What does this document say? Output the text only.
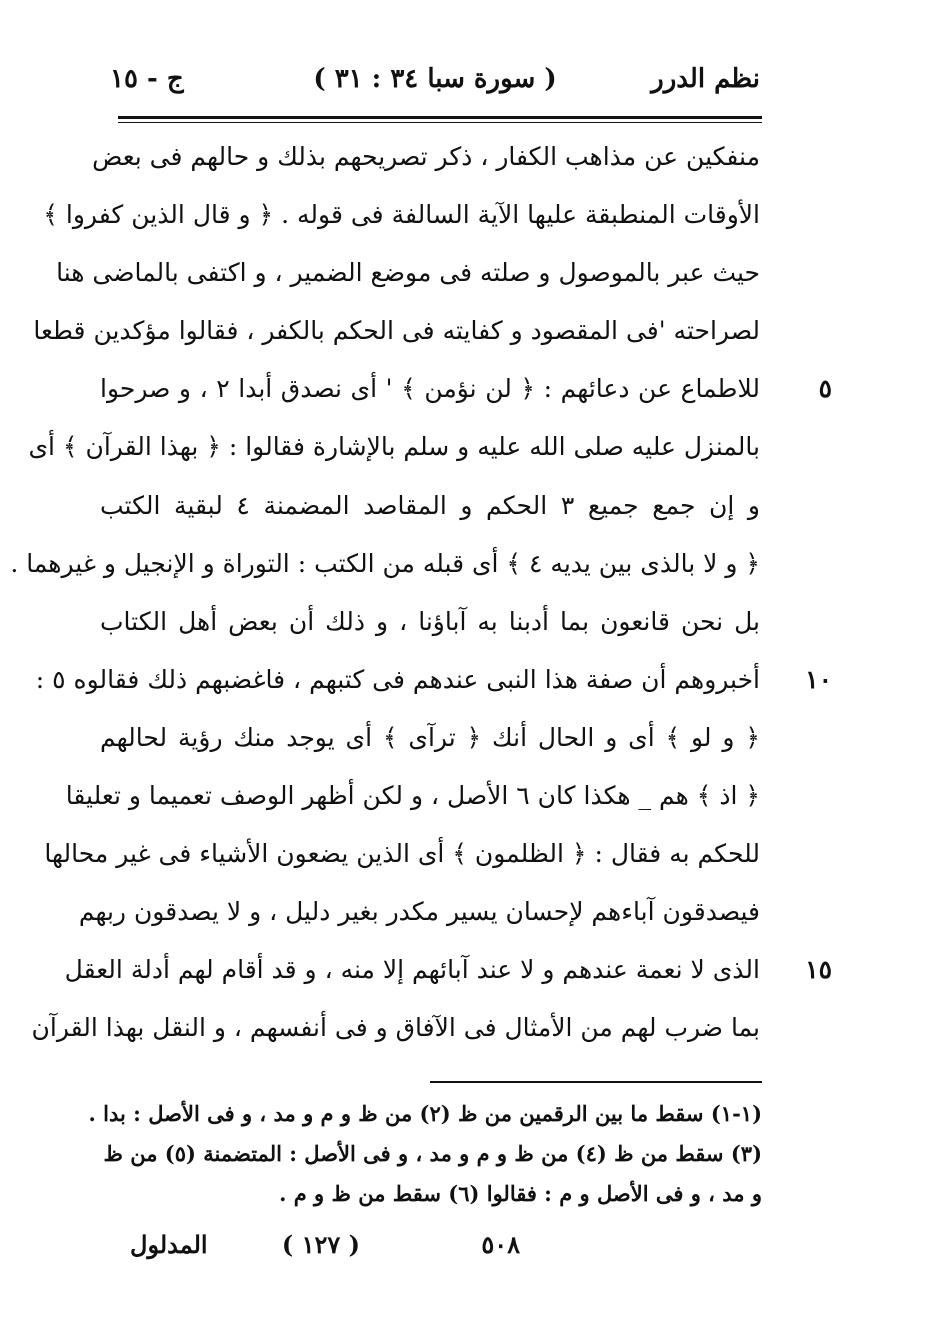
نظم الدرر
( سورة سبا ٣٤ : ٣١ )
ج - ١٥
منفكين عن مذاهب الكفار ، ذكر تصريحهم بذلك و حالهم فى بعض
الأوقات المنطبقة عليها الآية السالفة فى قوله . ﴿ و قال الذين كفروا ﴾
حيث عبر بالموصول و صلته فى موضع الضمير ، و اكتفى بالماضى هنا
لصراحته 'فى المقصود و كفايته فى الحكم بالكفر ، فقالوا مؤكدين قطعا
٥
للاطماع عن دعائهم : ﴿ لن نؤمن ﴾ ' أى نصدق أبدا ٢ ، و صرحوا
بالمنزل عليه صلى الله عليه و سلم بالإشارة فقالوا : ﴿ بهذا القرآن ﴾ أى
و إن جمع جميع ٣ الحكم و المقاصد المضمنة ٤ لبقية الكتب
﴿ و لا بالذى بين يديه ٤ ﴾ أى قبله من الكتب : التوراة و الإنجيل و غيرهما .
بل نحن قانعون بما أدبنا به آباؤنا ، و ذلك أن بعض أهل الكتاب
١٠
أخبروهم أن صفة هذا النبى عندهم فى كتبهم ، فاغضبهم ذلك فقالوه ٥ :
﴿ و لو ﴾ أى و الحال أنك ﴿ ترآى ﴾ أى يوجد منك رؤية لحالهم
﴿ اذ ﴾ هم _ هكذا كان ٦ الأصل ، و لكن أظهر الوصف تعميما و تعليقا
للحكم به فقال : ﴿ الظلمون ﴾ أى الذين يضعون الأشياء فى غير محالها
فيصدقون آباءهم لإحسان يسير مكدر بغير دليل ، و لا يصدقون ربهم
١٥
الذى لا نعمة عندهم و لا عند آبائهم إلا منه ، و قد أقام لهم أدلة العقل
بما ضرب لهم من الأمثال فى الآفاق و فى أنفسهم ، و النقل بهذا القرآن
(١-١) سقط ما بين الرقمين من ظ (٢) من ظ و م و مد ، و فى الأصل : بدا .
(٣) سقط من ظ (٤) من ظ و م و مد ، و فى الأصل : المتضمنة (٥) من ظ
و مد ، و فى الأصل و م : فقالوا (٦) سقط من ظ و م .
٥٠٨
( ١٢٧ )
المدلول
